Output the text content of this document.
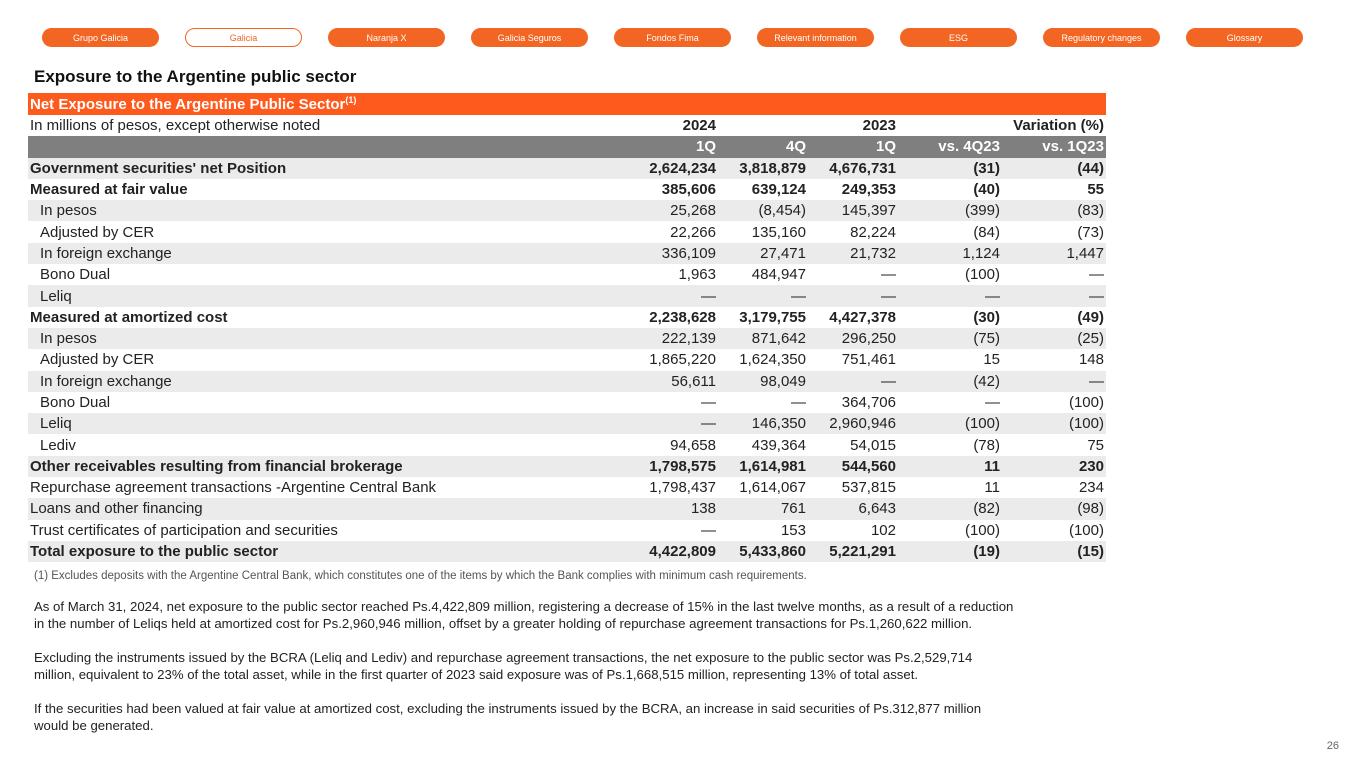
Grupo Galicia	Galicia	Naranja X	Galicia Seguros	Fondos Fima	Relevant information	ESG	Regulatory changes	Glossary
Exposure to the Argentine public sector
Net Exposure to the Argentine Public Sector$^{(1)}$
In millions of pesos, except otherwise noted	2024		2023	Variation (%)	
	1Q	4Q	1Q	vs. 4Q23	vs. 1Q23
Government securities' net Position	2,624,234	3,818,879	4,676,731	(31)	(44)
Measured at fair value	385,606	639,124	249,353	(40)	55
In pesos	25,268	(8,454)	145,397	(399)	(83)
Adjusted by CER	22,266	135,160	82,224	(84)	(73)
In foreign exchange	336,109	27,471	21,732	1,124	1,447
Bono Dual	1,963	484,947	—	(100)	—
Leliq	—	—	—	—	—
Measured at amortized cost	2,238,628	3,179,755	4,427,378	(30)	(49)
In pesos	222,139	871,642	296,250	(75)	(25)
Adjusted by CER	1,865,220	1,624,350	751,461	15	148
In foreign exchange	56,611	98,049	—	(42)	—
Bono Dual	—	—	364,706	—	(100)
Leliq	—	146,350	2,960,946	(100)	(100)
Lediv	94,658	439,364	54,015	(78)	75
Other receivables resulting from financial brokerage	1,798,575	1,614,981	544,560	11	230
Repurchase agreement transactions -Argentine Central Bank	1,798,437	1,614,067	537,815	11	234
Loans and other financing	138	761	6,643	(82)	(98)
Trust certificates of participation and securities	—	153	102	(100)	(100)
Total exposure to the public sector	4,422,809	5,433,860	5,221,291	(19)	(15)
(1) Excludes deposits with the Argentine Central Bank, which constitutes one of the items by which the Bank complies with minimum cash requirements.

As of March 31, 2024, net exposure to the public sector reached Ps.4,422,809 million, registering a decrease of 15% in the last twelve months, as a result of a reduction in the number of Leliqs held at amortized cost for Ps.2,960,946 million, offset by a greater holding of repurchase agreement transactions for Ps.1,260,622 million.

Excluding the instruments issued by the BCRA (Leliq and Lediv) and repurchase agreement transactions, the net exposure to the public sector was Ps.2,529,714 million, equivalent to 23% of the total asset, while in the first quarter of 2023 said exposure was of Ps.1,668,515 million, representing 13% of total asset.

If the securities had been valued at fair value at amortized cost, excluding the instruments issued by the BCRA, an increase in said securities of Ps.312,877 million would be generated.

26
